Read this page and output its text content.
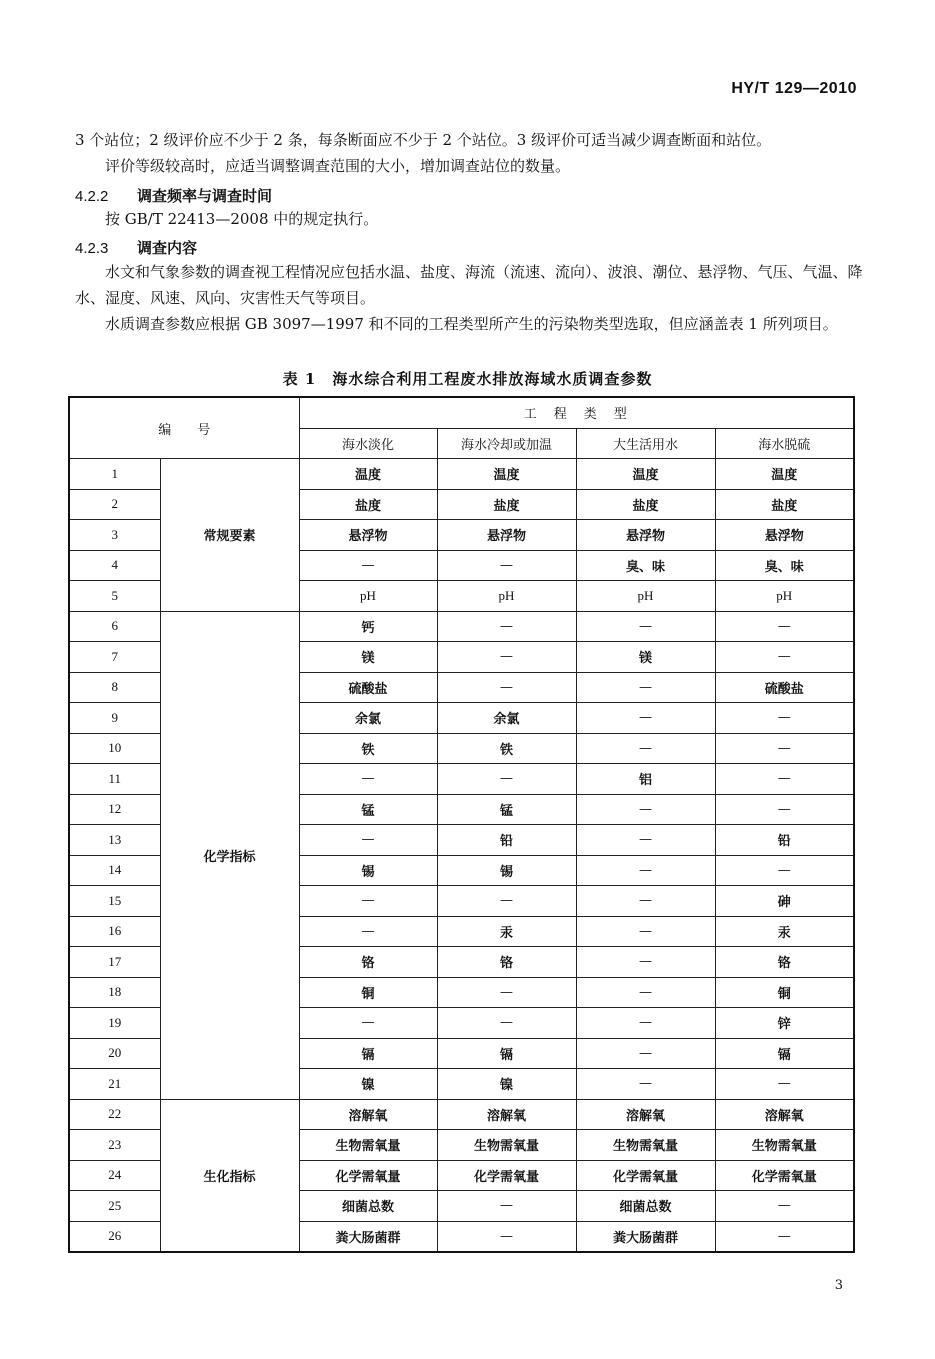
HY/T 129—2010
3 个站位；2 级评价应不少于 2 条，每条断面应不少于 2 个站位。3 级评价可适当减少调查断面和站位。
评价等级较高时，应适当调整调查范围的大小，增加调查站位的数量。
4.2.2 调查频率与调查时间
按 GB/T 22413—2008 中的规定执行。
4.2.3 调查内容
水文和气象参数的调查视工程情况应包括水温、盐度、海流（流速、流向）、波浪、潮位、悬浮物、气压、气温、降水、湿度、风速、风向、灾害性天气等项目。
水质调查参数应根据 GB 3097—1997 和不同的工程类型所产生的污染物类型选取，但应涵盖表 1 所列项目。
表 1　海水综合利用工程废水排放海域水质调查参数
编　　号		工　程　类　型			
		海水淡化	海水冷却或加温	大生活用水	海水脱硫
1	常规要素	温度	温度	温度	温度
2		盐度	盐度	盐度	盐度
3		悬浮物	悬浮物	悬浮物	悬浮物
4		—	—	臭、味	臭、味
5		pH	pH	pH	pH
6	化学指标	钙	—	—	—
7		镁	—	镁	—
8		硫酸盐	—	—	硫酸盐
9		余氯	余氯	—	—
10		铁	铁	—	—
11		—	—	铝	—
12		锰	锰	—	—
13		—	铅	—	铅
14		锡	锡	—	—
15		—	—	—	砷
16		—	汞	—	汞
17		铬	铬	—	铬
18		铜	—	—	铜
19		—	—	—	锌
20		镉	镉	—	镉
21		镍	镍	—	—
22	生化指标	溶解氧	溶解氧	溶解氧	溶解氧
23		生物需氧量	生物需氧量	生物需氧量	生物需氧量
24		化学需氧量	化学需氧量	化学需氧量	化学需氧量
25		细菌总数	—	细菌总数	—
26		粪大肠菌群	—	粪大肠菌群	—
3
